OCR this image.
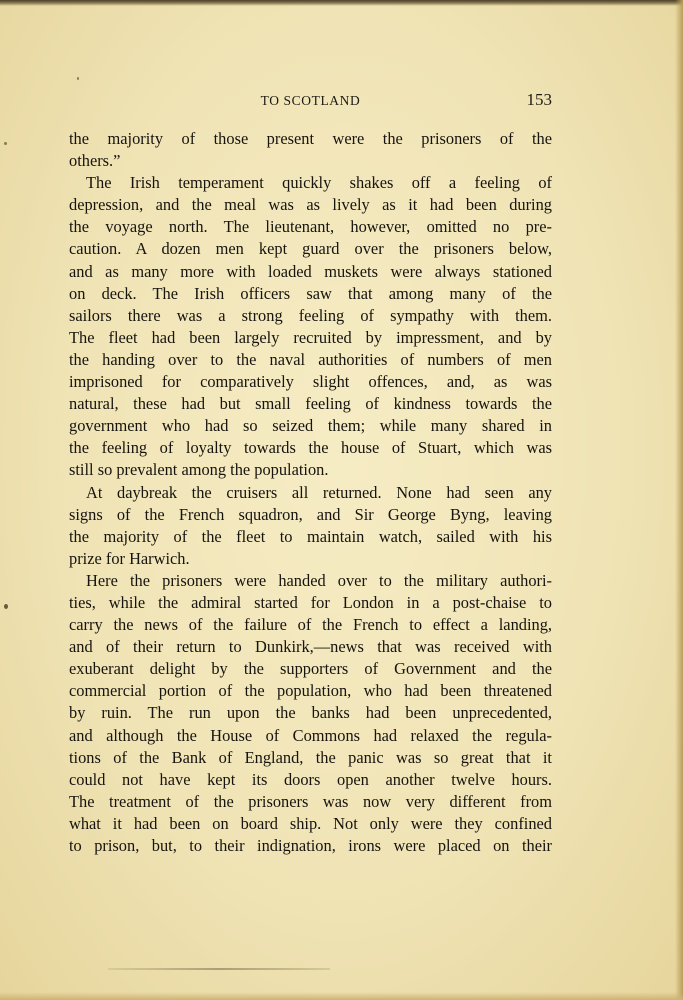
TO SCOTLAND	153
the majority of those present were the prisoners of the
others.”
The Irish temperament quickly shakes off a feeling of
depression, and the meal was as lively as it had been during
the voyage north. The lieutenant, however, omitted no pre-
caution. A dozen men kept guard over the prisoners below,
and as many more with loaded muskets were always stationed
on deck. The Irish officers saw that among many of the
sailors there was a strong feeling of sympathy with them.
The fleet had been largely recruited by impressment, and by
the handing over to the naval authorities of numbers of men
imprisoned for comparatively slight offences, and, as was
natural, these had but small feeling of kindness towards the
government who had so seized them; while many shared in
the feeling of loyalty towards the house of Stuart, which was
still so prevalent among the population.
At daybreak the cruisers all returned. None had seen any
signs of the French squadron, and Sir George Byng, leaving
the majority of the fleet to maintain watch, sailed with his
prize for Harwich.
Here the prisoners were handed over to the military authori-
ties, while the admiral started for London in a post-chaise to
carry the news of the failure of the French to effect a landing,
and of their return to Dunkirk,—news that was received with
exuberant delight by the supporters of Government and the
commercial portion of the population, who had been threatened
by ruin. The run upon the banks had been unprecedented,
and although the House of Commons had relaxed the regula-
tions of the Bank of England, the panic was so great that it
could not have kept its doors open another twelve hours.
The treatment of the prisoners was now very different from
what it had been on board ship. Not only were they confined
to prison, but, to their indignation, irons were placed on their
